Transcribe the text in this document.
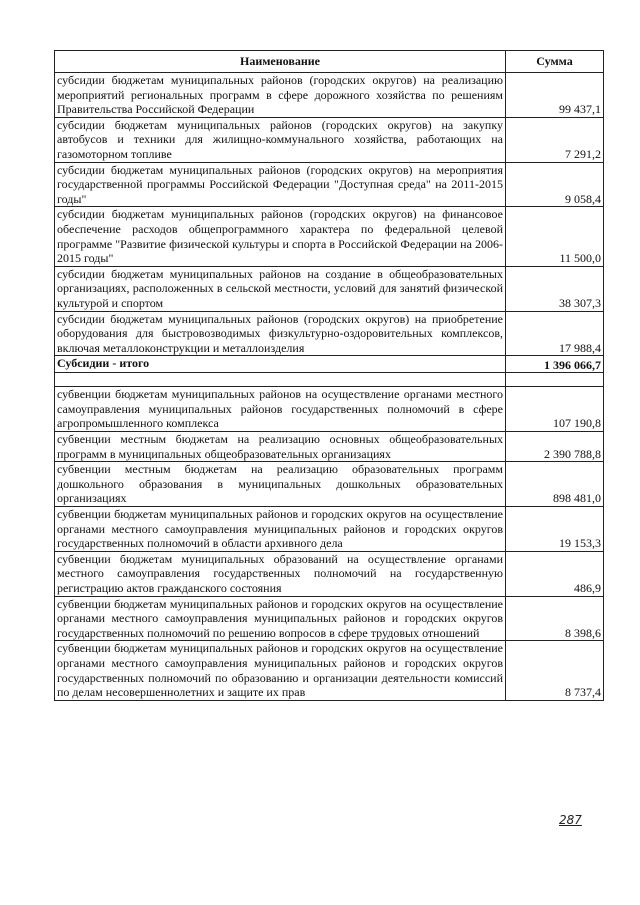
Наименование	Сумма
субсидии бюджетам муниципальных районов (городских округов) на реализацию мероприятий региональных программ в сфере дорожного хозяйства по решениям Правительства Российской Федерации	99 437,1
субсидии бюджетам муниципальных районов (городских округов) на закупку автобусов и техники для жилищно-коммунального хозяйства, работающих на газомоторном топливе	7 291,2
субсидии бюджетам муниципальных районов (городских округов) на мероприятия государственной программы Российской Федерации "Доступная среда" на 2011-2015 годы"	9 058,4
субсидии бюджетам муниципальных районов (городских округов) на финансовое обеспечение расходов общепрограммного характера по федеральной целевой программе "Развитие физической культуры и спорта в Российской Федерации на 2006-2015 годы"	11 500,0
субсидии бюджетам муниципальных районов на создание в общеобразовательных организациях, расположенных в сельской местности, условий для занятий физической культурой и спортом	38 307,3
субсидии бюджетам муниципальных районов (городских округов) на приобретение оборудования для быстровозводимых физкультурно-оздоровительных комплексов, включая металлоконструкции и металлоизделия	17 988,4
Субсидии - итого	1 396 066,7

субвенции бюджетам муниципальных районов на осуществление органами местного самоуправления муниципальных районов государственных полномочий в сфере агропромышленного комплекса	107 190,8
субвенции местным бюджетам на реализацию основных общеобразовательных программ в муниципальных общеобразовательных организациях	2 390 788,8
субвенции местным бюджетам на реализацию образовательных программ дошкольного образования в муниципальных дошкольных образовательных организациях	898 481,0
субвенции бюджетам муниципальных районов и городских округов на осуществление органами местного самоуправления муниципальных районов и городских округов государственных полномочий в области архивного дела	19 153,3
субвенции бюджетам муниципальных образований на осуществление органами местного самоуправления государственных полномочий на государственную регистрацию актов гражданского состояния	486,9
субвенции бюджетам муниципальных районов и городских округов на осуществление органами местного самоуправления муниципальных районов и городских округов государственных полномочий по решению вопросов в сфере трудовых отношений	8 398,6
субвенции бюджетам муниципальных районов и городских округов на осуществление органами местного самоуправления муниципальных районов и городских округов государственных полномочий по образованию и организации деятельности комиссий по делам несовершеннолетних и защите их прав	8 737,4
287
